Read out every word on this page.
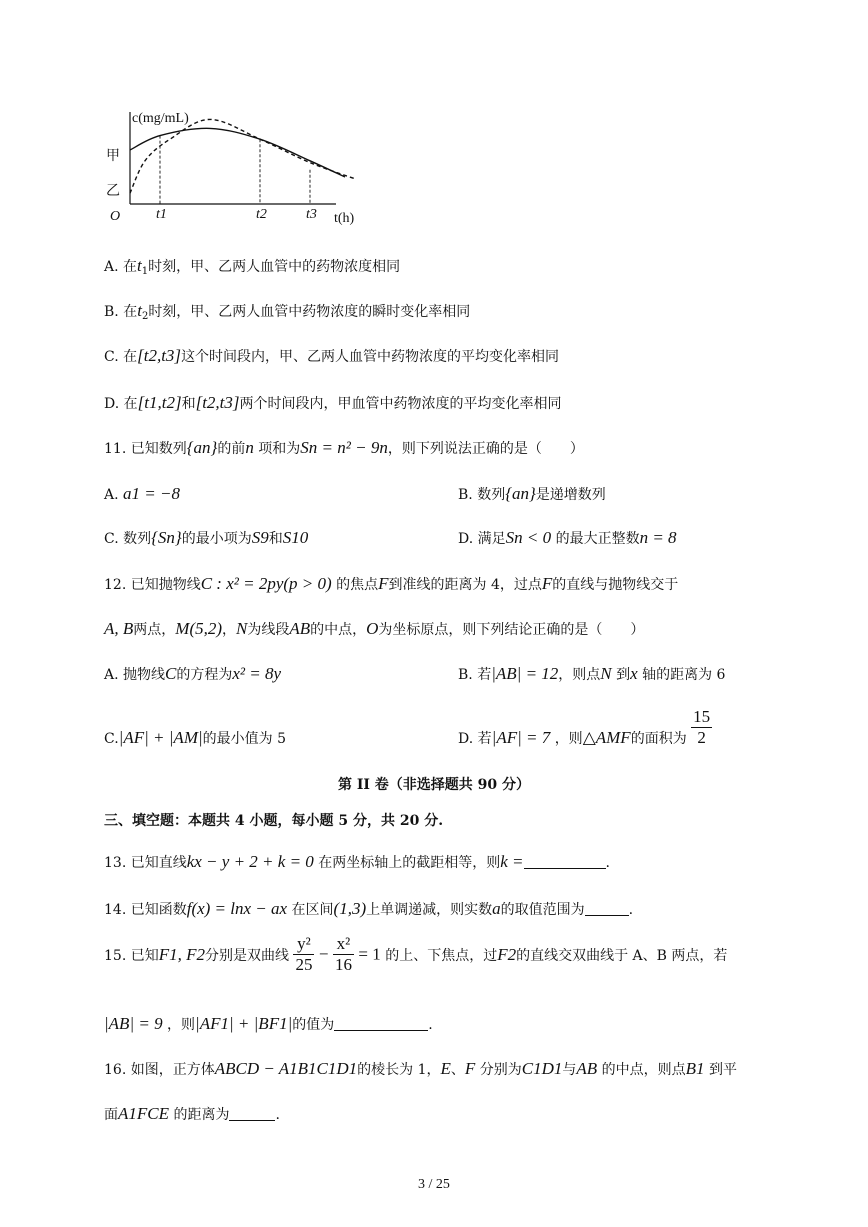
c(mg/mL)
t(h)
O
甲
乙
t1	t2	t3
A. 在$t_1$时刻，甲、乙两人血管中的药物浓度相同
B. 在$t_2$时刻，甲、乙两人血管中药物浓度的瞬时变化率相同
C. 在[t2,t3]这个时间段内，甲、乙两人血管中药物浓度的平均变化率相同
D. 在[t1,t2]和[t2,t3]两个时间段内，甲血管中药物浓度的平均变化率相同
11. 已知数列{an}的前n 项和为Sn = n² − 9n，则下列说法正确的是（　　）
A. a1 = −8	B. 数列{an}是递增数列
C. 数列{Sn}的最小项为S9和S10	D. 满足Sn < 0 的最大正整数n = 8
12. 已知抛物线C : x² = 2py(p > 0) 的焦点F到准线的距离为 4，过点F的直线与抛物线交于
A, B两点，M(5,2)，N为线段AB的中点，O为坐标原点，则下列结论正确的是（　　）
A. 抛物线C的方程为x² = 8y	B. 若|AB| = 12，则点N 到x 轴的距离为 6
C.|AF| + |AM|的最小值为 5	D. 若|AF| = 7 ，则△AMF的面积为 $\frac{15}{2}$
第 II 卷（非选择题共 90 分）
三、填空题：本题共 4 小题，每小题 5 分，共 20 分.
13. 已知直线kx − y + 2 + k = 0 在两坐标轴上的截距相等，则k =	.
14. 已知函数f(x) = lnx − ax 在区间(1,3)上单调递减，则实数a的取值范围为	.
15. 已知F1, F2分别是双曲线 $\frac{\text{y²}}{25} - \frac{\text{x²}}{16} = 1$ 的上、下焦点，过F2的直线交双曲线于 A、B 两点，若
|AB| = 9 ，则|AF1| + |BF1|的值为	.
16. 如图，正方体ABCD − A1B1C1D1的棱长为 1，E、F 分别为C1D1与AB 的中点，则点B1 到平
面A1FCE 的距离为	.
3 / 25
